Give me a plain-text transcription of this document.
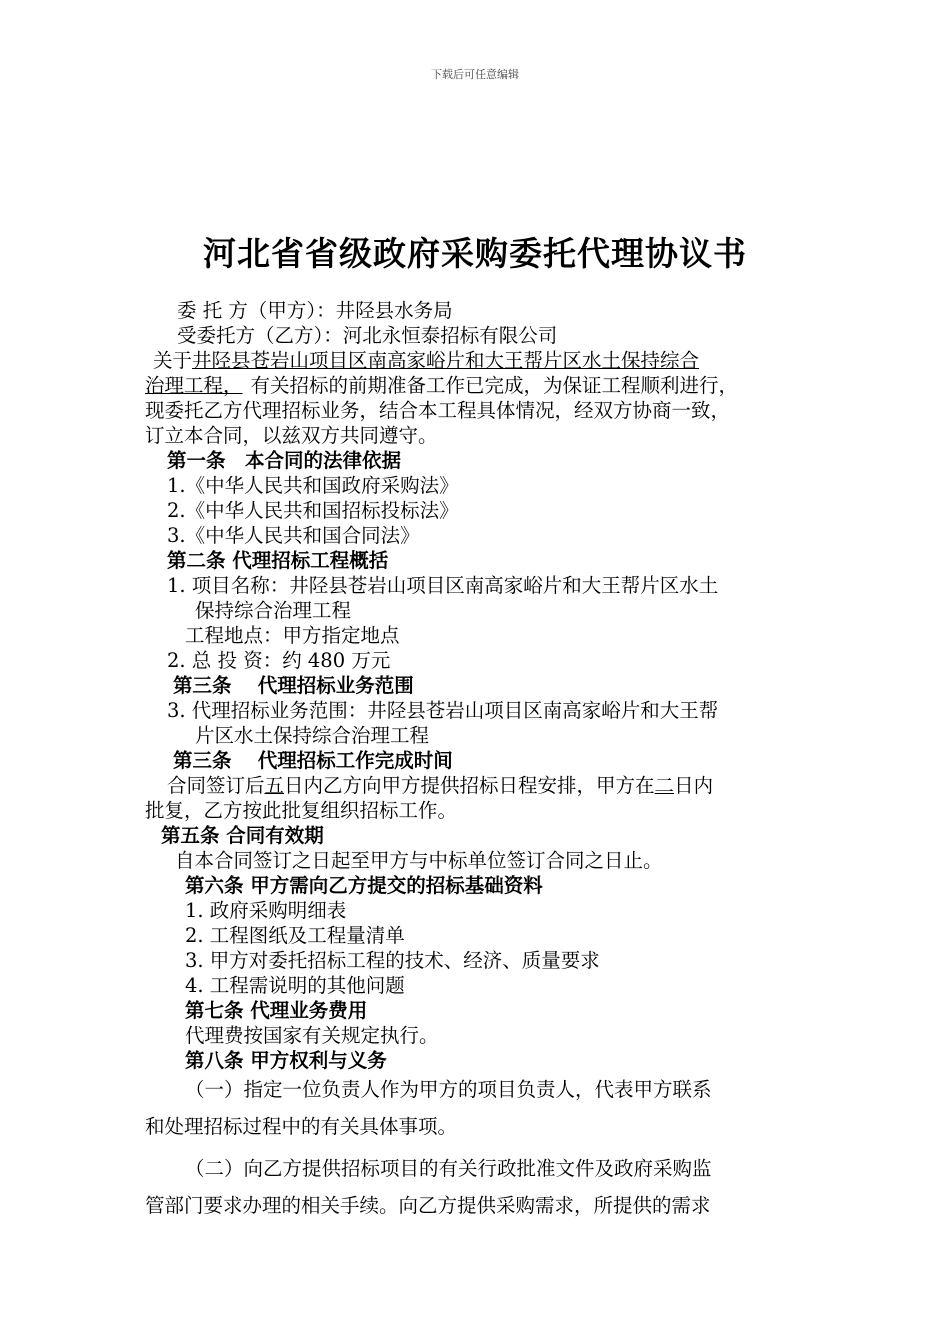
下载后可任意编辑
河北省省级政府采购委托代理协议书
委 托 方（甲方）：井陉县水务局
受委托方（乙方）：河北永恒泰招标有限公司
关于井陉县苍岩山项目区南高家峪片和大王帮片区水土保持综合
治理工程， 有关招标的前期准备工作已完成，为保证工程顺利进行，
现委托乙方代理招标业务，结合本工程具体情况，经双方协商一致，
订立本合同，以兹双方共同遵守。
第一条　本合同的法律依据
1.《中华人民共和国政府采购法》
2.《中华人民共和国招标投标法》
3.《中华人民共和国合同法》
第二条 代理招标工程概括
1. 项目名称：井陉县苍岩山项目区南高家峪片和大王帮片区水土
保持综合治理工程
工程地点：甲方指定地点
2. 总 投 资：约 480 万元
第三条　 代理招标业务范围
3. 代理招标业务范围：井陉县苍岩山项目区南高家峪片和大王帮
片区水土保持综合治理工程
第三条　 代理招标工作完成时间
合同签订后五日内乙方向甲方提供招标日程安排，甲方在二日内
批复，乙方按此批复组织招标工作。
第五条 合同有效期
自本合同签订之日起至甲方与中标单位签订合同之日止。
第六条 甲方需向乙方提交的招标基础资料
1. 政府采购明细表
2. 工程图纸及工程量清单
3. 甲方对委托招标工程的技术、经济、质量要求
4. 工程需说明的其他问题
第七条 代理业务费用
代理费按国家有关规定执行。
第八条 甲方权利与义务
（一）指定一位负责人作为甲方的项目负责人，代表甲方联系
和处理招标过程中的有关具体事项。
（二）向乙方提供招标项目的有关行政批准文件及政府采购监
管部门要求办理的相关手续。向乙方提供采购需求，所提供的需求
